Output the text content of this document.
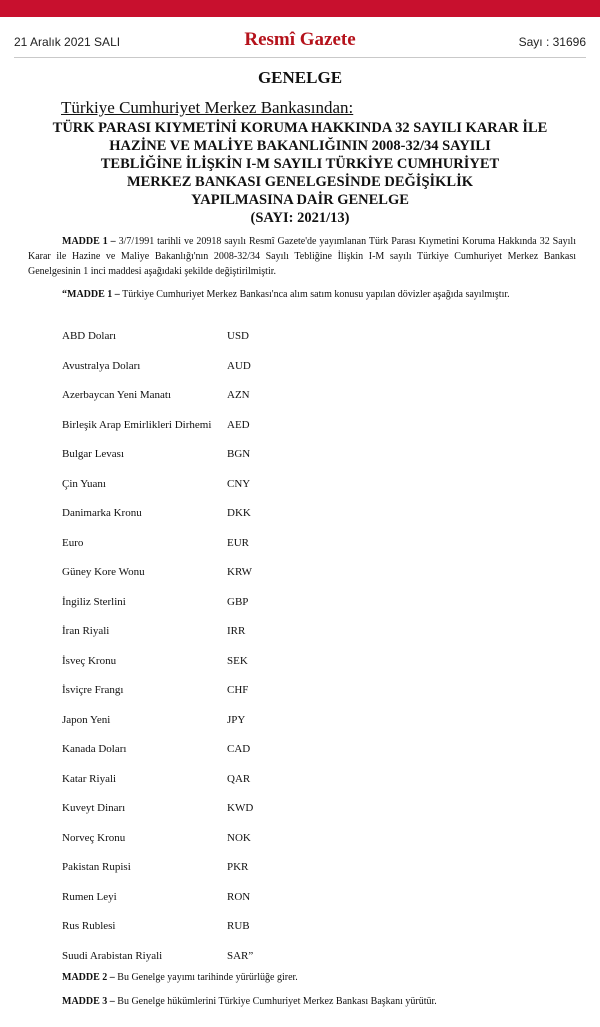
21 Aralık 2021 SALI	Resmî Gazete	Sayı : 31696
GENELGE
Türkiye Cumhuriyet Merkez Bankasından:
TÜRK PARASI KIYMETİNİ KORUMA HAKKINDA 32 SAYILI KARAR İLE
HAZİNE VE MALİYE BAKANLIĞININ 2008-32/34 SAYILI
TEBLİĞİNE İLİŞKİN I-M SAYILI TÜRKİYE CUMHURİYET
MERKEZ BANKASI GENELGESİNDE DEĞİŞİKLİK
YAPILMASINA DAİR GENELGE
(SAYI: 2021/13)
MADDE 1 – 3/7/1991 tarihli ve 20918 sayılı Resmî Gazete'de yayımlanan Türk Parası Kıymetini Koruma Hakkında 32 Sayılı Karar ile Hazine ve Maliye Bakanlığı'nın 2008-32/34 Sayılı Tebliğine İlişkin I-M sayılı Türkiye Cumhuriyet Merkez Bankası Genelgesinin 1 inci maddesi aşağıdaki şekilde değiştirilmiştir.
“MADDE 1 – Türkiye Cumhuriyet Merkez Bankası'nca alım satım konusu yapılan dövizler aşağıda sayılmıştır.
ABD Doları	USD
Avustralya Doları	AUD
Azerbaycan Yeni Manatı	AZN
Birleşik Arap Emirlikleri Dirhemi AED
Bulgar Levası	BGN
Çin Yuanı	CNY
Danimarka Kronu	DKK
Euro	EUR
Güney Kore Wonu	KRW
İngiliz Sterlini	GBP
İran Riyali	IRR
İsveç Kronu	SEK
İsviçre Frangı	CHF
Japon Yeni	JPY
Kanada Doları	CAD
Katar Riyali	QAR
Kuveyt Dinarı	KWD
Norveç Kronu	NOK
Pakistan Rupisi	PKR
Rumen Leyi	RON
Rus Rublesi	RUB
Suudi Arabistan Riyali	SAR”
MADDE 2 – Bu Genelge yayımı tarihinde yürürlüğe girer.
MADDE 3 – Bu Genelge hükümlerini Türkiye Cumhuriyet Merkez Bankası Başkanı yürütür.
